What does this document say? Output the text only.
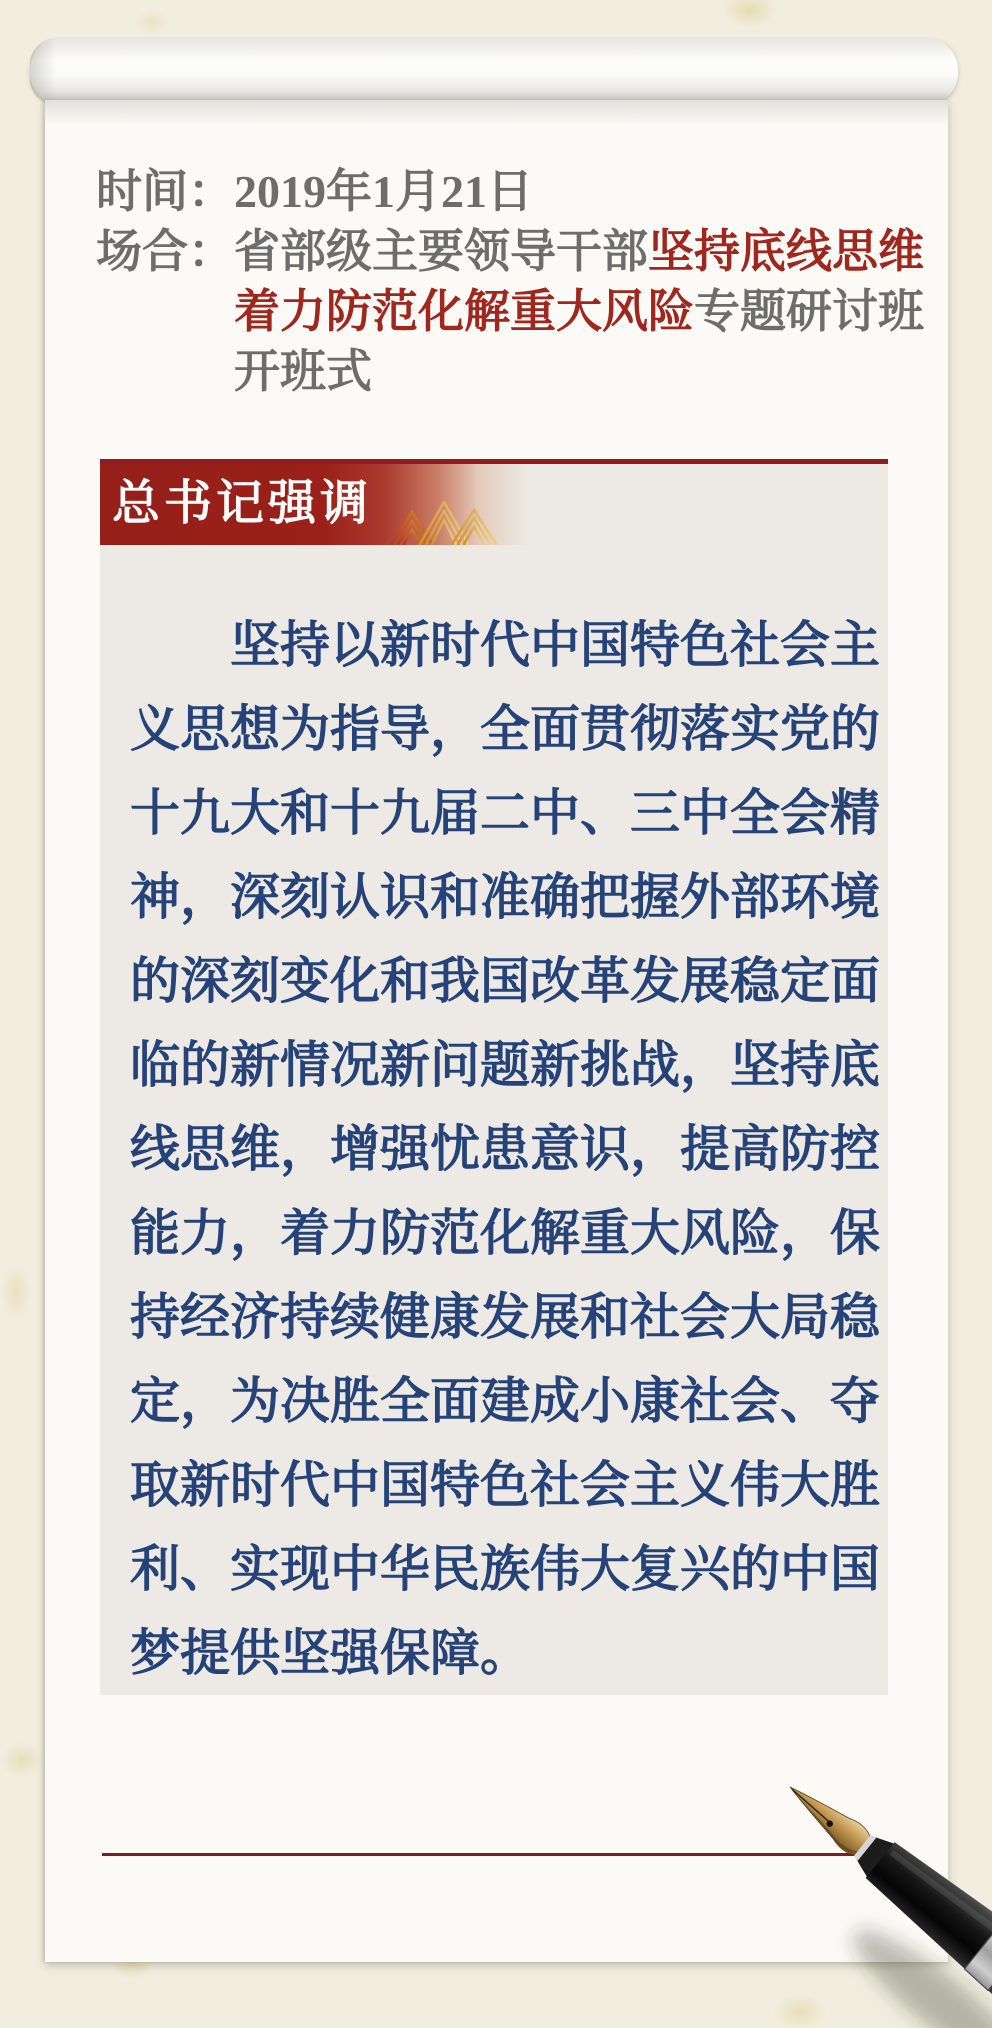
时间： 2019年1月21日
场合： 省部级主要领导干部坚持底线思维
着力防范化解重大风险专题研讨班
开班式
总书记强调
坚持以新时代中国特色社会主
义思想为指导，全面贯彻落实党的
十九大和十九届二中、三中全会精
神，深刻认识和准确把握外部环境
的深刻变化和我国改革发展稳定面
临的新情况新问题新挑战，坚持底
线思维，增强忧患意识，提高防控
能力，着力防范化解重大风险，保
持经济持续健康发展和社会大局稳
定，为决胜全面建成小康社会、夺
取新时代中国特色社会主义伟大胜
利、实现中华民族伟大复兴的中国
梦提供坚强保障。
